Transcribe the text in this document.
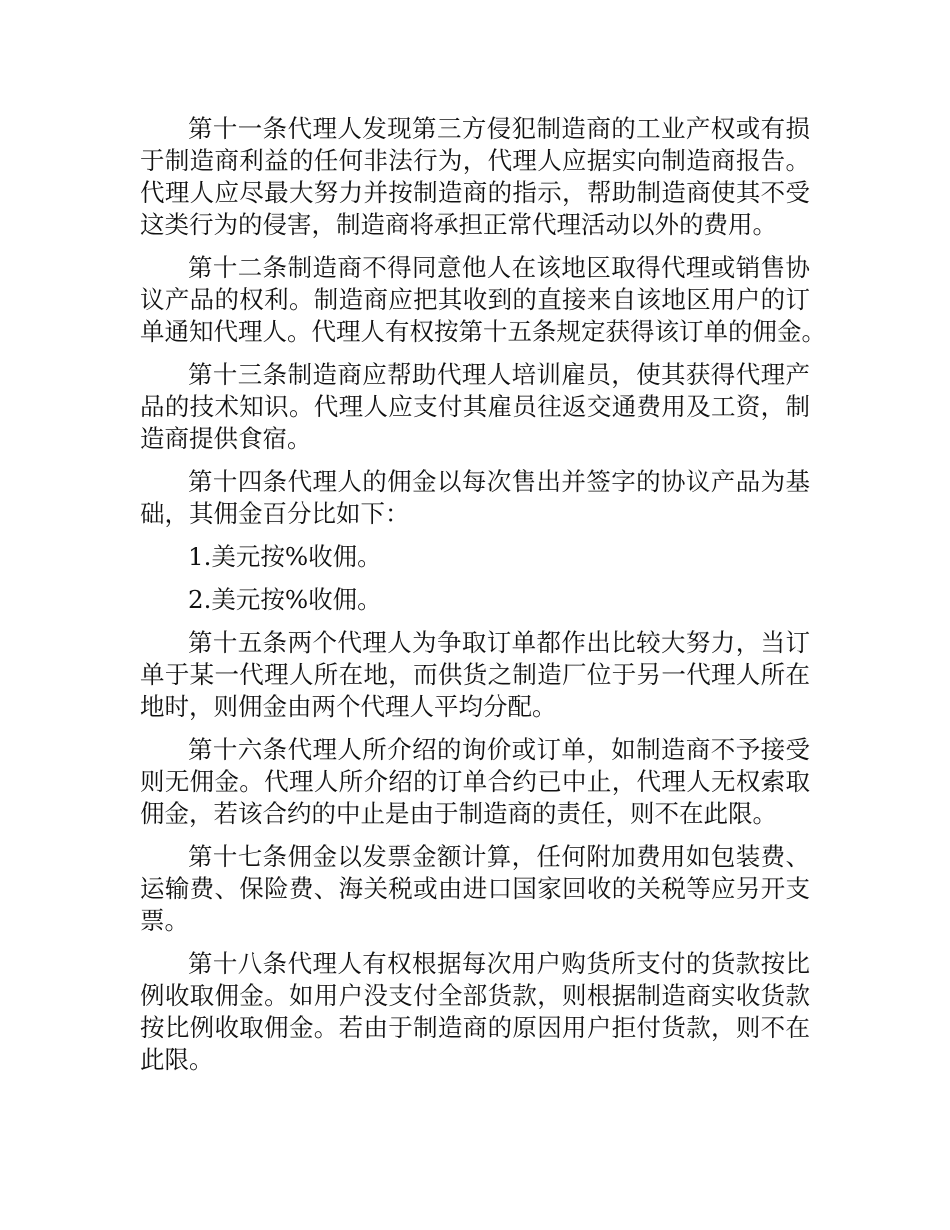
第十一条代理人发现第三方侵犯制造商的工业产权或有损
于制造商利益的任何非法行为，代理人应据实向制造商报告。
代理人应尽最大努力并按制造商的指示，帮助制造商使其不受
这类行为的侵害，制造商将承担正常代理活动以外的费用。
第十二条制造商不得同意他人在该地区取得代理或销售协
议产品的权利。制造商应把其收到的直接来自该地区用户的订
单通知代理人。代理人有权按第十五条规定获得该订单的佣金。
第十三条制造商应帮助代理人培训雇员，使其获得代理产
品的技术知识。代理人应支付其雇员往返交通费用及工资，制
造商提供食宿。
第十四条代理人的佣金以每次售出并签字的协议产品为基
础，其佣金百分比如下：
1.美元按%收佣。
2.美元按%收佣。
第十五条两个代理人为争取订单都作出比较大努力，当订
单于某一代理人所在地，而供货之制造厂位于另一代理人所在
地时，则佣金由两个代理人平均分配。
第十六条代理人所介绍的询价或订单，如制造商不予接受
则无佣金。代理人所介绍的订单合约已中止，代理人无权索取
佣金，若该合约的中止是由于制造商的责任，则不在此限。
第十七条佣金以发票金额计算，任何附加费用如包装费、
运输费、保险费、海关税或由进口国家回收的关税等应另开支
票。
第十八条代理人有权根据每次用户购货所支付的货款按比
例收取佣金。如用户没支付全部货款，则根据制造商实收货款
按比例收取佣金。若由于制造商的原因用户拒付货款，则不在
此限。
